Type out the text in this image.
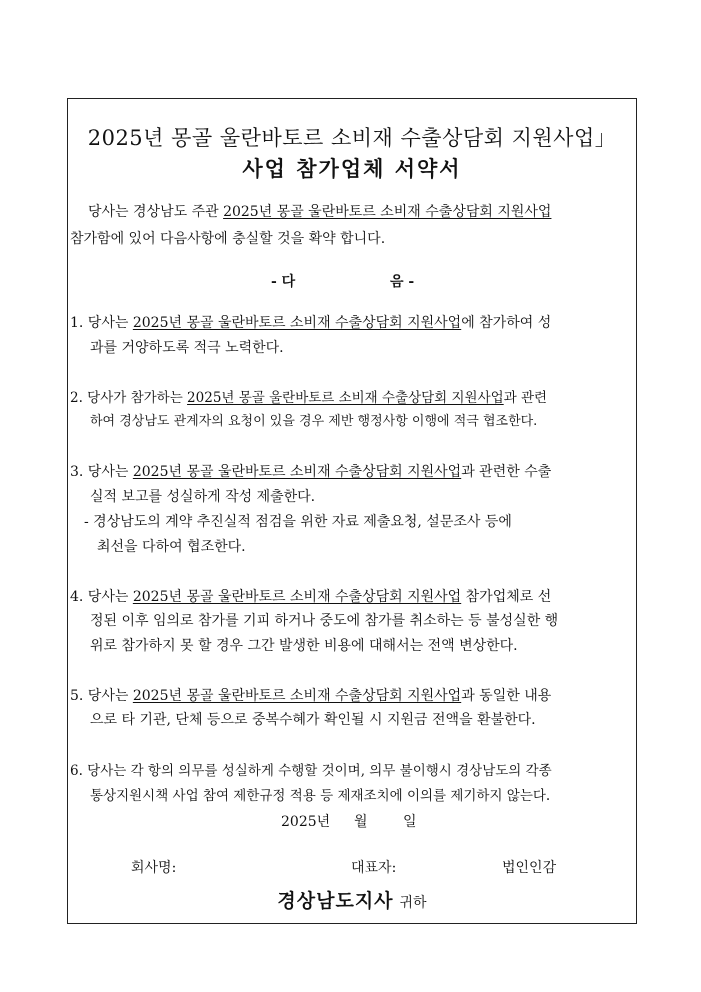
2025년 몽골 울란바토르 소비재 수출상담회 지원사업」
사업 참가업체 서약서
당사는 경상남도 주관 2025년 몽골 울란바토르 소비재 수출상담회 지원사업
참가함에 있어 다음사항에 충실할 것을 확약 합니다.
- 다	음 -
1. 당사는 2025년 몽골 울란바토르 소비재 수출상담회 지원사업에 참가하여 성
과를 거양하도록 적극 노력한다.
2. 당사가 참가하는 2025년 몽골 울란바토르 소비재 수출상담회 지원사업과 관련
하여 경상남도 관계자의 요청이 있을 경우 제반 행정사항 이행에 적극 협조한다.
3. 당사는 2025년 몽골 울란바토르 소비재 수출상담회 지원사업과 관련한 수출
실적 보고를 성실하게 작성 제출한다.
- 경상남도의 계약 추진실적 점검을 위한 자료 제출요청, 설문조사 등에
최선을 다하여 협조한다.
4. 당사는 2025년 몽골 울란바토르 소비재 수출상담회 지원사업 참가업체로 선
정된 이후 임의로 참가를 기피 하거나 중도에 참가를 취소하는 등 불성실한 행
위로 참가하지 못 할 경우 그간 발생한 비용에 대해서는 전액 변상한다.
5. 당사는 2025년 몽골 울란바토르 소비재 수출상담회 지원사업과 동일한 내용
으로 타 기관, 단체 등으로 중복수혜가 확인될 시 지원금 전액을 환불한다.
6. 당사는 각 항의 의무를 성실하게 수행할 것이며, 의무 불이행시 경상남도의 각종
통상지원시책 사업 참여 제한규정 적용 등 제재조치에 이의를 제기하지 않는다.
2025년 월	일
회사명:	대표자:	법인인감
경상남도지사 귀하
